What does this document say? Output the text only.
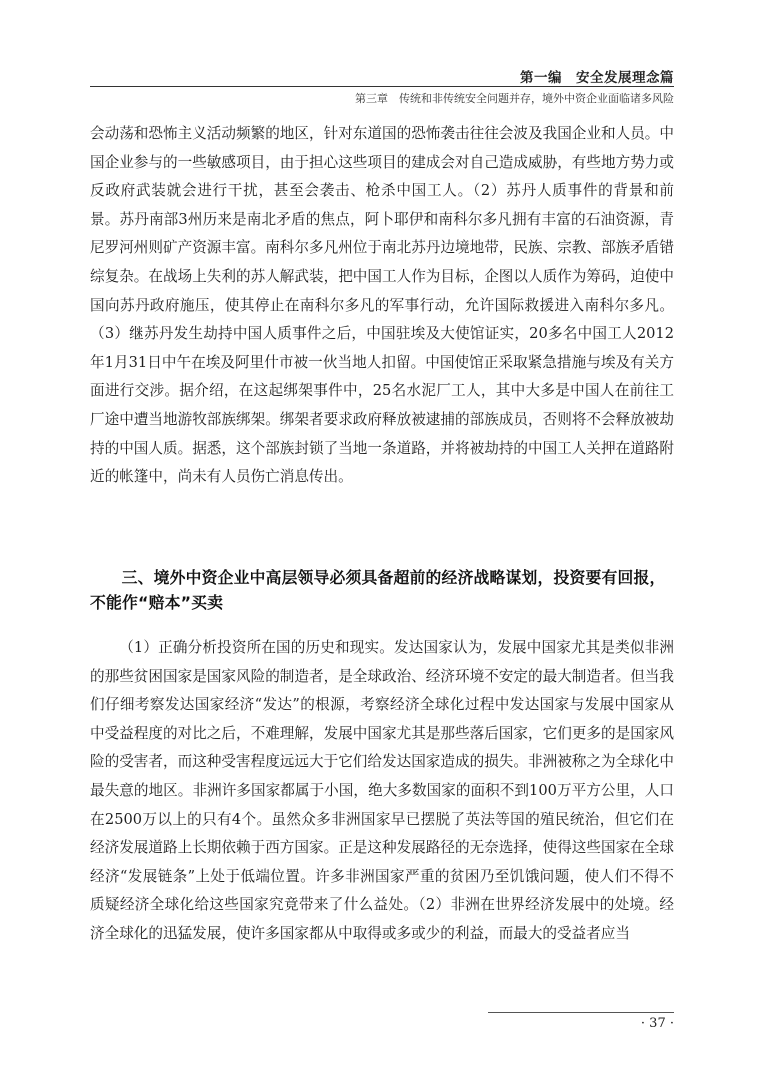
第一编　安全发展理念篇
第三章　传统和非传统安全问题并存，境外中资企业面临诸多风险

会动荡和恐怖主义活动频繁的地区，针对东道国的恐怖袭击往往会波及我国企业和人员。中国企业参与的一些敏感项目，由于担心这些项目的建成会对自己造成威胁，有些地方势力或反政府武装就会进行干扰，甚至会袭击、枪杀中国工人。（2）苏丹人质事件的背景和前景。苏丹南部3州历来是南北矛盾的焦点，阿卜耶伊和南科尔多凡拥有丰富的石油资源，青尼罗河州则矿产资源丰富。南科尔多凡州位于南北苏丹边境地带，民族、宗教、部族矛盾错综复杂。在战场上失利的苏人解武装，把中国工人作为目标，企图以人质作为筹码，迫使中国向苏丹政府施压，使其停止在南科尔多凡的军事行动，允许国际救援进入南科尔多凡。（3）继苏丹发生劫持中国人质事件之后，中国驻埃及大使馆证实，20多名中国工人2012年1月31日中午在埃及阿里什市被一伙当地人扣留。中国使馆正采取紧急措施与埃及有关方面进行交涉。据介绍，在这起绑架事件中，25名水泥厂工人，其中大多是中国人在前往工厂途中遭当地游牧部族绑架。绑架者要求政府释放被逮捕的部族成员，否则将不会释放被劫持的中国人质。据悉，这个部族封锁了当地一条道路，并将被劫持的中国工人关押在道路附近的帐篷中，尚未有人员伤亡消息传出。

三、境外中资企业中高层领导必须具备超前的经济战略谋划，投资要有回报，不能作“赔本”买卖

（1）正确分析投资所在国的历史和现实。发达国家认为，发展中国家尤其是类似非洲的那些贫困国家是国家风险的制造者，是全球政治、经济环境不安定的最大制造者。但当我们仔细考察发达国家经济“发达”的根源，考察经济全球化过程中发达国家与发展中国家从中受益程度的对比之后，不难理解，发展中国家尤其是那些落后国家，它们更多的是国家风险的受害者，而这种受害程度远远大于它们给发达国家造成的损失。非洲被称之为全球化中最失意的地区。非洲许多国家都属于小国，绝大多数国家的面积不到100万平方公里，人口在2500万以上的只有4个。虽然众多非洲国家早已摆脱了英法等国的殖民统治，但它们在经济发展道路上长期依赖于西方国家。正是这种发展路径的无奈选择，使得这些国家在全球经济“发展链条”上处于低端位置。许多非洲国家严重的贫困乃至饥饿问题，使人们不得不质疑经济全球化给这些国家究竟带来了什么益处。（2）非洲在世界经济发展中的处境。经济全球化的迅猛发展，使许多国家都从中取得或多或少的利益，而最大的受益者应当

· 37 ·
